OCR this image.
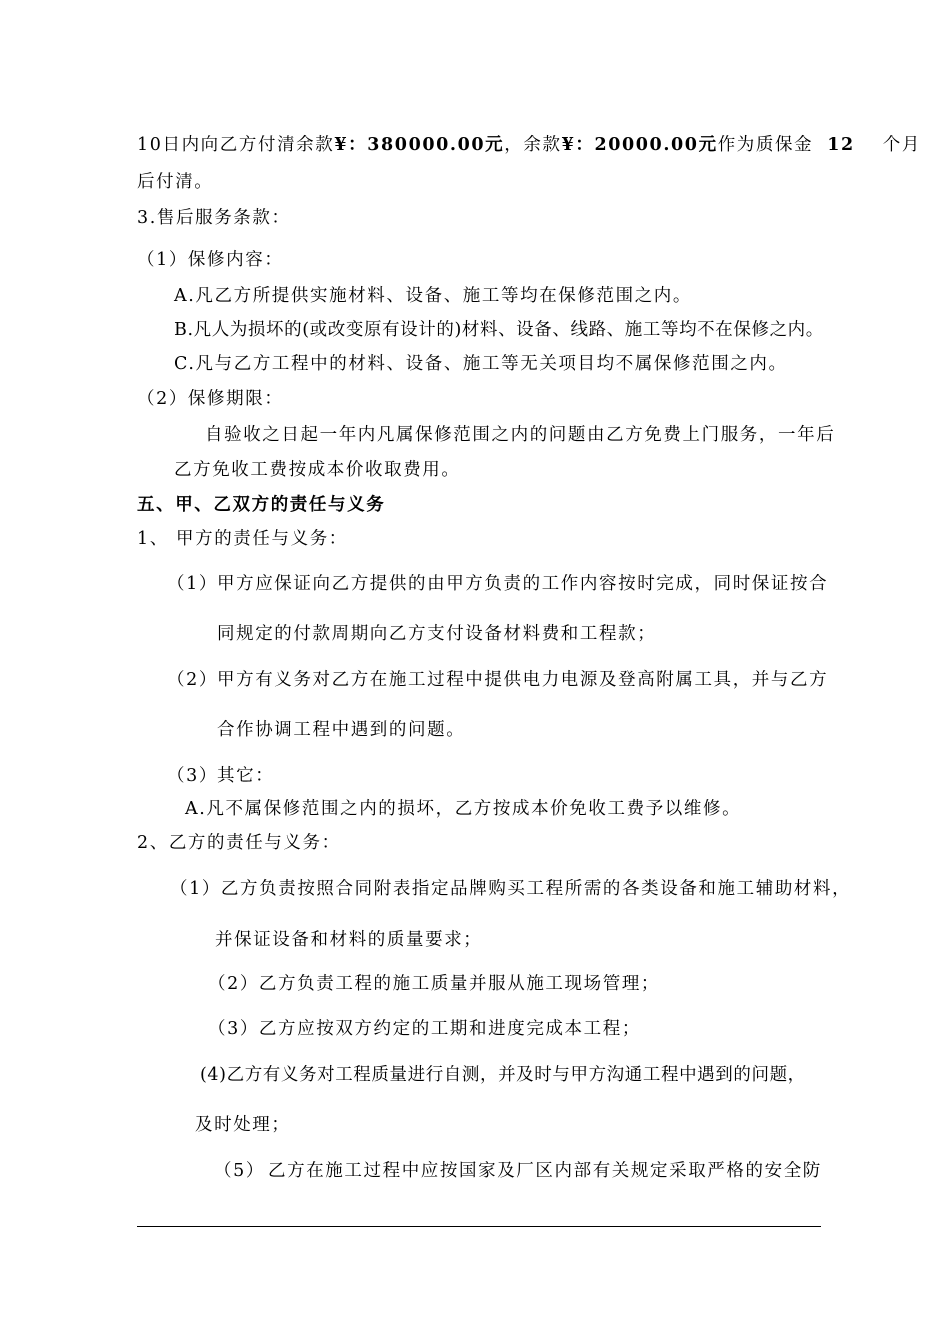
10日内向乙方付清余款¥：380000.00元，余款¥：20000.00元作为质保金 12 个月
后付清。
3.售后服务条款：
（1）保修内容：
A.凡乙方所提供实施材料、设备、施工等均在保修范围之内。
B.凡人为损坏的(或改变原有设计的)材料、设备、线路、施工等均不在保修之内。
C.凡与乙方工程中的材料、设备、施工等无关项目均不属保修范围之内。
（2）保修期限：
自验收之日起一年内凡属保修范围之内的问题由乙方免费上门服务，一年后
乙方免收工费按成本价收取费用。
五、甲、乙双方的责任与义务
1、 甲方的责任与义务：
（1） 甲方应保证向乙方提供的由甲方负责的工作内容按时完成，同时保证按合
同规定的付款周期向乙方支付设备材料费和工程款；
（2） 甲方有义务对乙方在施工过程中提供电力电源及登高附属工具，并与乙方
合作协调工程中遇到的问题。
（3） 其它：
A.凡不属保修范围之内的损坏，乙方按成本价免收工费予以维修。
2、乙方的责任与义务：
（1）乙方负责按照合同附表指定品牌购买工程所需的各类设备和施工辅助材料，
并保证设备和材料的质量要求；
（2）乙方负责工程的施工质量并服从施工现场管理；
（3）乙方应按双方约定的工期和进度完成本工程；
(4)乙方有义务对工程质量进行自测，并及时与甲方沟通工程中遇到的问题，
及时处理；
（5） 乙方在施工过程中应按国家及厂区内部有关规定采取严格的安全防
